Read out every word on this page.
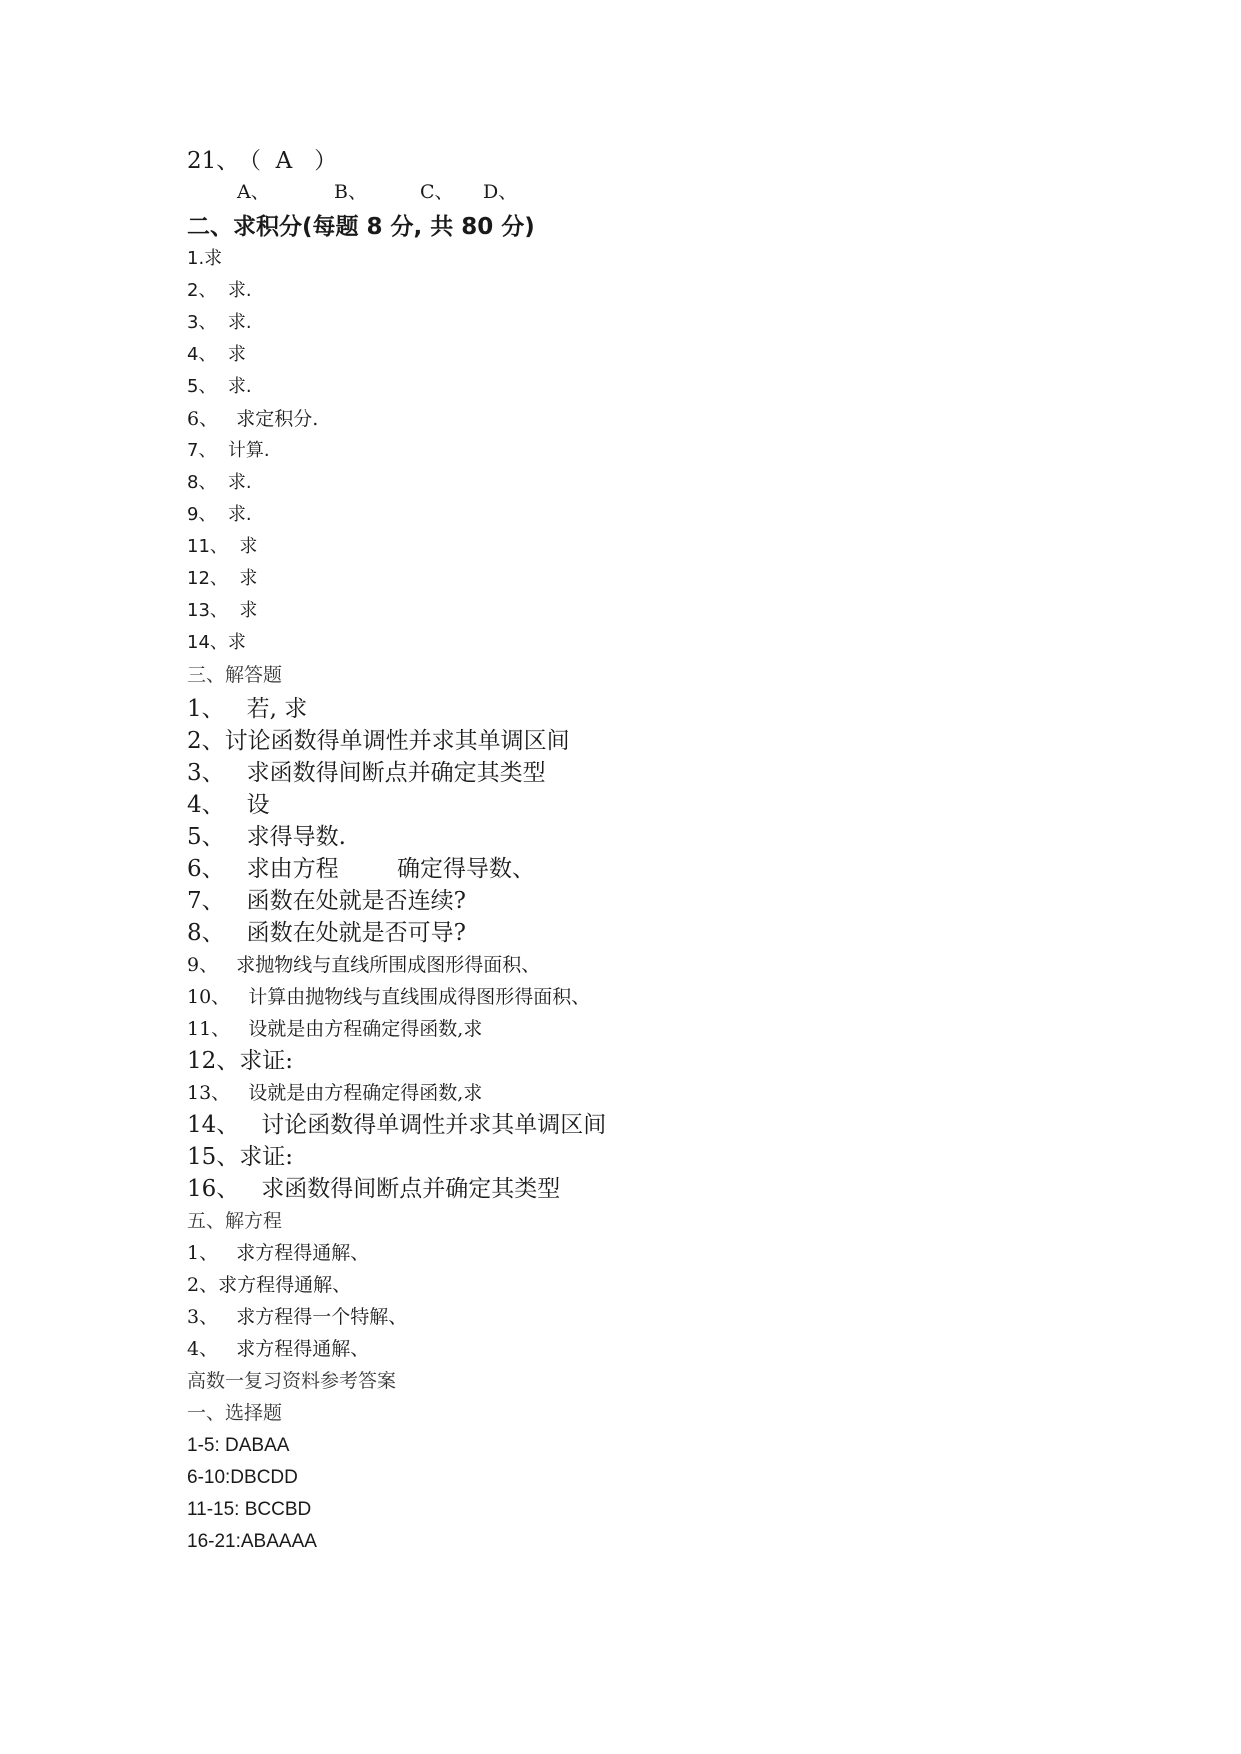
21、
（  A   ）
A、	B、	C、 D、
二、求积分(每题 8 分, 共 80 分)
1.求
2、  求.
3、  求.
4、  求
5、  求.
6、   求定积分.
7、  计算.
8、  求.
9、  求.
11、  求
12、  求
13、  求
14、求
三、解答题
1、   若, 求
2、讨论函数得单调性并求其单调区间
3、   求函数得间断点并确定其类型
4、   设
5、   求得导数.
6、   求由方程        确定得导数、
7、   函数在处就是否连续?
8、   函数在处就是否可导?
9、   求抛物线与直线所围成图形得面积、
10、   计算由抛物线与直线围成得图形得面积、
11、   设就是由方程确定得函数,求
12、求证:
13、   设就是由方程确定得函数,求
14、   讨论函数得单调性并求其单调区间
15、求证:
16、   求函数得间断点并确定其类型
五、解方程
1、   求方程得通解、
2、求方程得通解、
3、   求方程得一个特解、
4、   求方程得通解、
高数一复习资料参考答案
一、选择题
1-5: DABAA
6-10:DBCDD
11-15: BCCBD
16-21:ABAAAA
